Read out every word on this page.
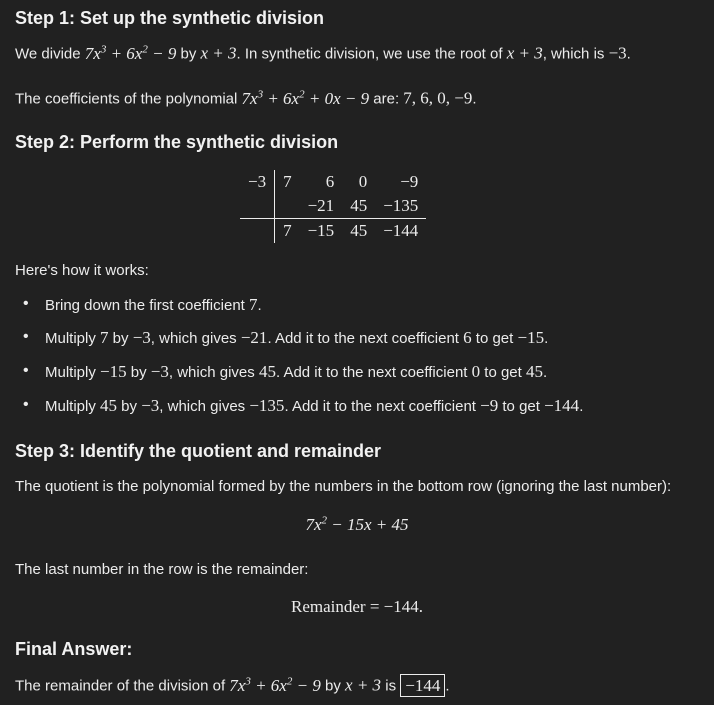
Step 1: Set up the synthetic division
We divide $7x^3 + 6x^2 - 9$ by x + 3. In synthetic division, we use the root of x + 3, which is −3.
The coefficients of the polynomial $7x^3 + 6x^2 + 0x - 9$ are: 7, 6, 0, −9.
Step 2: Perform the synthetic division
−3	7	6	0	−9
		−21	45	−135
	7	−15	45	−144
Here's how it works:
• Bring down the first coefficient 7.
• Multiply 7 by −3, which gives −21. Add it to the next coefficient 6 to get −15.
• Multiply −15 by −3, which gives 45. Add it to the next coefficient 0 to get 45.
• Multiply 45 by −3, which gives −135. Add it to the next coefficient −9 to get −144.
Step 3: Identify the quotient and remainder
The quotient is the polynomial formed by the numbers in the bottom row (ignoring the last number):
$7x^2 - 15x + 45$
The last number in the row is the remainder:
Remainder = −144.
Final Answer:
The remainder of the division of $7x^3 + 6x^2 - 9$ by x + 3 is −144 .
